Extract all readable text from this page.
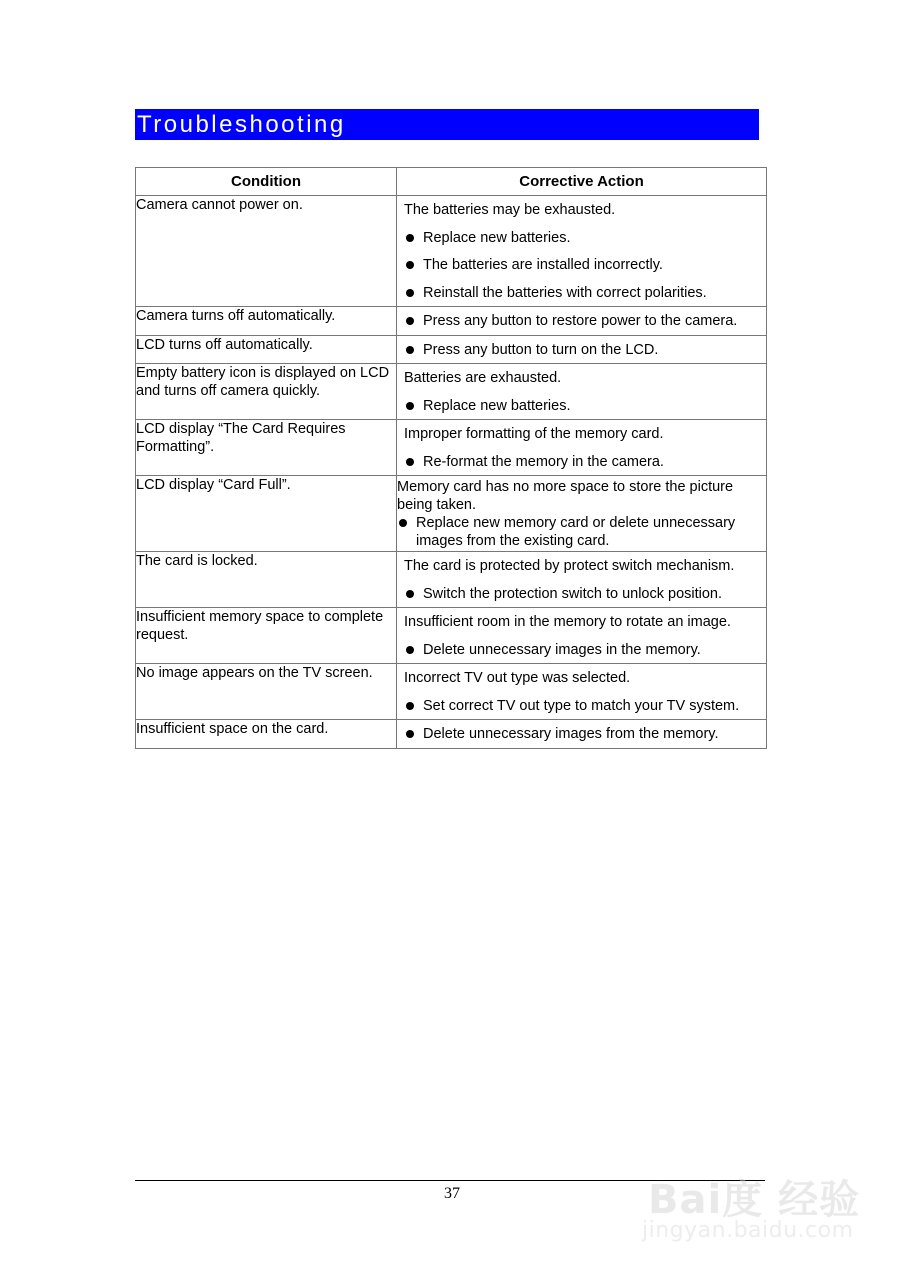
Troubleshooting
Condition	Corrective Action
Camera cannot power on.	The batteries may be exhausted.
Replace new batteries.
The batteries are installed incorrectly.
Reinstall the batteries with correct polarities.

Camera turns off automatically.	Press any button to restore power to the camera.

LCD turns off automatically.	Press any button to turn on the LCD.

Empty battery icon is displayed on LCD and turns off camera quickly.	Batteries are exhausted.
Replace new batteries.

LCD display “The Card Requires Formatting”.	Improper formatting of the memory card.
Re-format the memory in the camera.

LCD display “Card Full”.	Memory card has no more space to store the picture being taken.
Replace new memory card or delete unnecessary images from the existing card.

The card is locked.	The card is protected by protect switch mechanism.
Switch the protection switch to unlock position.

Insufficient memory space to complete request.	Insufficient room in the memory to rotate an image.
Delete unnecessary images in the memory.

No image appears on the TV screen.	Incorrect TV out type was selected.
Set correct TV out type to match your TV system.

Insufficient space on the card.	Delete unnecessary images from the memory.
37	Bai度 经验
jingyan.baidu.com
